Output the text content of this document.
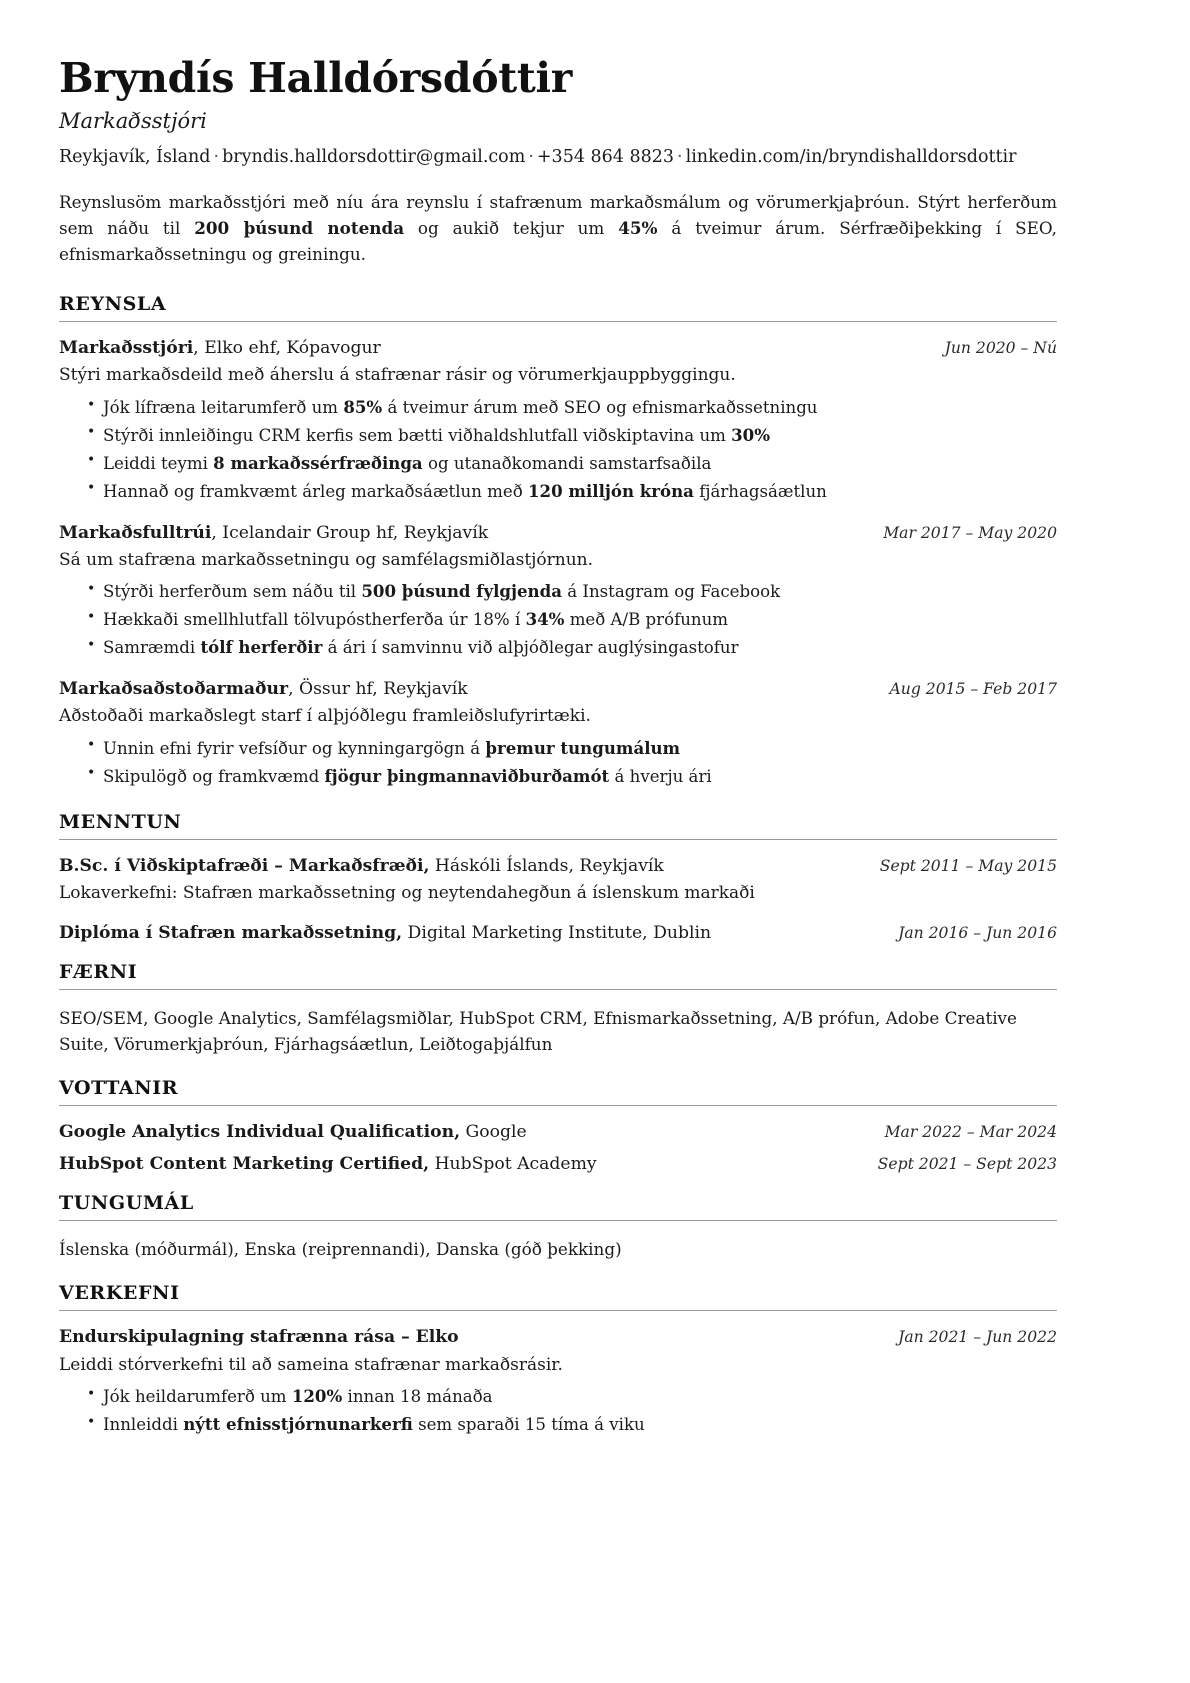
Bryndís Halldórsdóttir
Markaðsstjóri
Reykjavík, Ísland · bryndis.halldorsdottir@gmail.com · +354 864 8823 · linkedin.com/in/bryndishalldorsdottir

Reynslusöm markaðsstjóri með níu ára reynslu í stafrænum markaðsmálum og vörumerkjaþróun. Stýrt herferðum sem náðu til 200 þúsund notenda og aukið tekjur um 45% á tveimur árum. Sérfræðiþekking í SEO, efnismarkaðssetningu og greiningu.

REYNSLA
Markaðsstjóri, Elko ehf, Kópavogur	Jun 2020 – Nú
Stýri markaðsdeild með áherslu á stafrænar rásir og vörumerkjauppbyggingu.
• Jók lífræna leitarumferð um 85% á tveimur árum með SEO og efnismarkaðssetningu
• Stýrði innleiðingu CRM kerfis sem bætti viðhaldshlutfall viðskiptavina um 30%
• Leiddi teymi 8 markaðssérfræðinga og utanaðkomandi samstarfsaðila
• Hannað og framkvæmt árleg markaðsáætlun með 120 milljón króna fjárhagsáætlun
Markaðsfulltrúi, Icelandair Group hf, Reykjavík	Mar 2017 – May 2020
Sá um stafræna markaðssetningu og samfélagsmiðlastjórnun.
• Stýrði herferðum sem náðu til 500 þúsund fylgjenda á Instagram og Facebook
• Hækkaði smellhlutfall tölvupóstherferða úr 18% í 34% með A/B prófunum
• Samræmdi tólf herferðir á ári í samvinnu við alþjóðlegar auglýsingastofur
Markaðsaðstoðarmaður, Össur hf, Reykjavík	Aug 2015 – Feb 2017
Aðstoðaði markaðslegt starf í alþjóðlegu framleiðslufyrirtæki.
• Unnin efni fyrir vefsíður og kynningargögn á þremur tungumálum
• Skipulögð og framkvæmd fjögur þingmannaviðburðamót á hverju ári
MENNTUN
B.Sc. í Viðskiptafræði – Markaðsfræði, Háskóli Íslands, Reykjavík	Sept 2011 – May 2015
Lokaverkefni: Stafræn markaðssetning og neytendahegðun á íslenskum markaði
Diplóma í Stafræn markaðssetning, Digital Marketing Institute, Dublin	Jan 2016 – Jun 2016
FÆRNI

SEO/SEM, Google Analytics, Samfélagsmiðlar, HubSpot CRM, Efnismarkaðssetning, A/B prófun, Adobe Creative Suite, Vörumerkjaþróun, Fjárhagsáætlun, Leiðtogaþjálfun

VOTTANIR
Google Analytics Individual Qualification, Google	Mar 2022 – Mar 2024
HubSpot Content Marketing Certified, HubSpot Academy	Sept 2021 – Sept 2023
TUNGUMÁL

Íslenska (móðurmál), Enska (reiprennandi), Danska (góð þekking)

VERKEFNI
Endurskipulagning stafrænna rása – Elko	Jan 2021 – Jun 2022
Leiddi stórverkefni til að sameina stafrænar markaðsrásir.
• Jók heildarumferð um 120% innan 18 mánaða
• Innleiddi nýtt efnisstjórnunarkerfi sem sparaði 15 tíma á viku
